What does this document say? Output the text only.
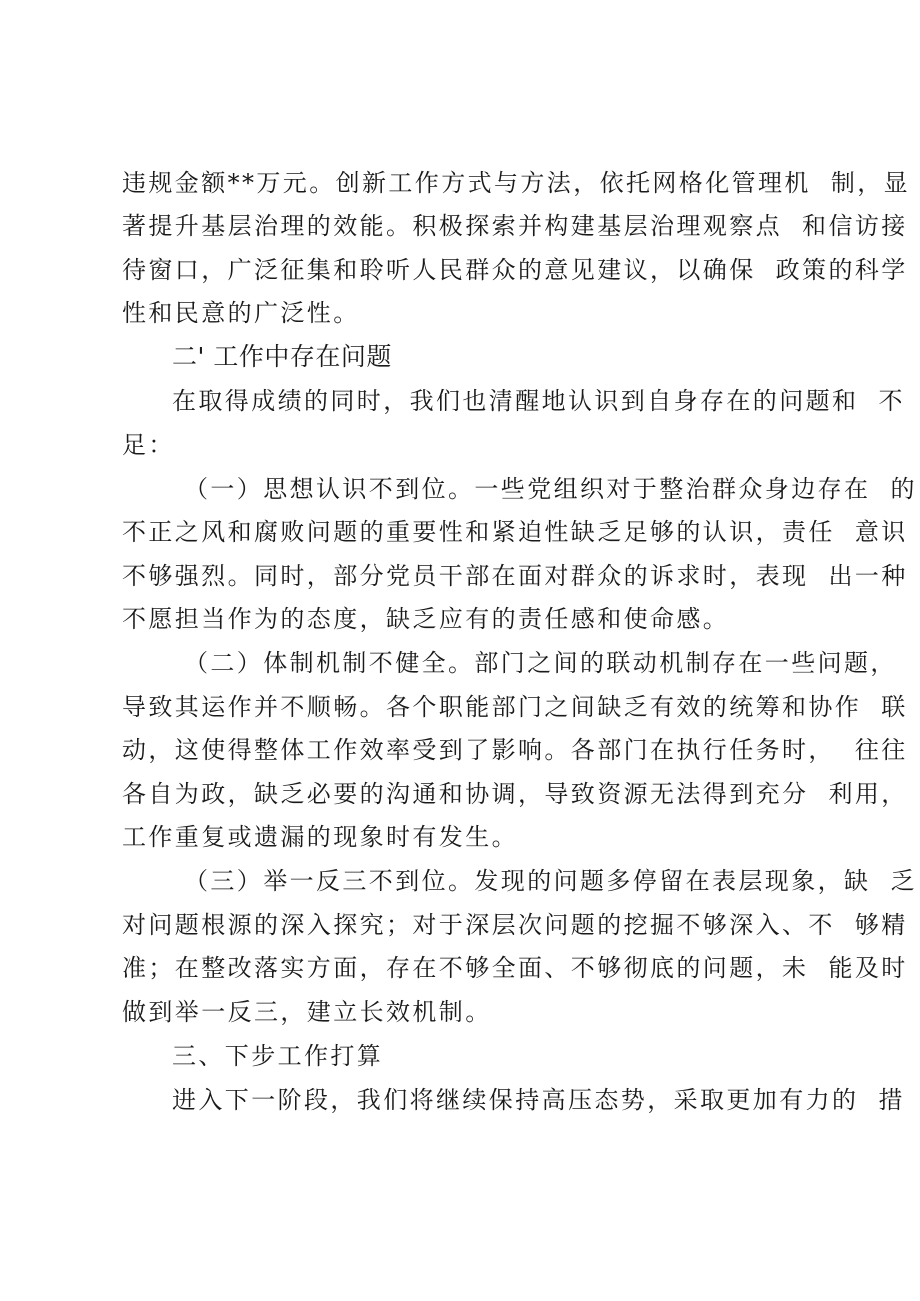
违规金额**万元。创新工作方式与方法，依托网格化管理机  制，显
著提升基层治理的效能。积极探索并构建基层治理观察点  和信访接
待窗口，广泛征集和聆听人民群众的意见建议，以确保  政策的科学
性和民意的广泛性。
二' 工作中存在问题
在取得成绩的同时，我们也清醒地认识到自身存在的问题和  不
足：
（一）思想认识不到位。一些党组织对于整治群众身边存在  的
不正之风和腐败问题的重要性和紧迫性缺乏足够的认识，责任  意识
不够强烈。同时，部分党员干部在面对群众的诉求时，表现  出一种
不愿担当作为的态度，缺乏应有的责任感和使命感。
（二）体制机制不健全。部门之间的联动机制存在一些问题，
导致其运作并不顺畅。各个职能部门之间缺乏有效的统筹和协作  联
动，这使得整体工作效率受到了影响。各部门在执行任务时，  往往
各自为政，缺乏必要的沟通和协调，导致资源无法得到充分  利用，
工作重复或遗漏的现象时有发生。
（三）举一反三不到位。发现的问题多停留在表层现象，缺  乏
对问题根源的深入探究；对于深层次问题的挖掘不够深入、不  够精
准；在整改落实方面，存在不够全面、不够彻底的问题，未  能及时
做到举一反三，建立长效机制。
三、下步工作打算
进入下一阶段，我们将继续保持高压态势，采取更加有力的  措
